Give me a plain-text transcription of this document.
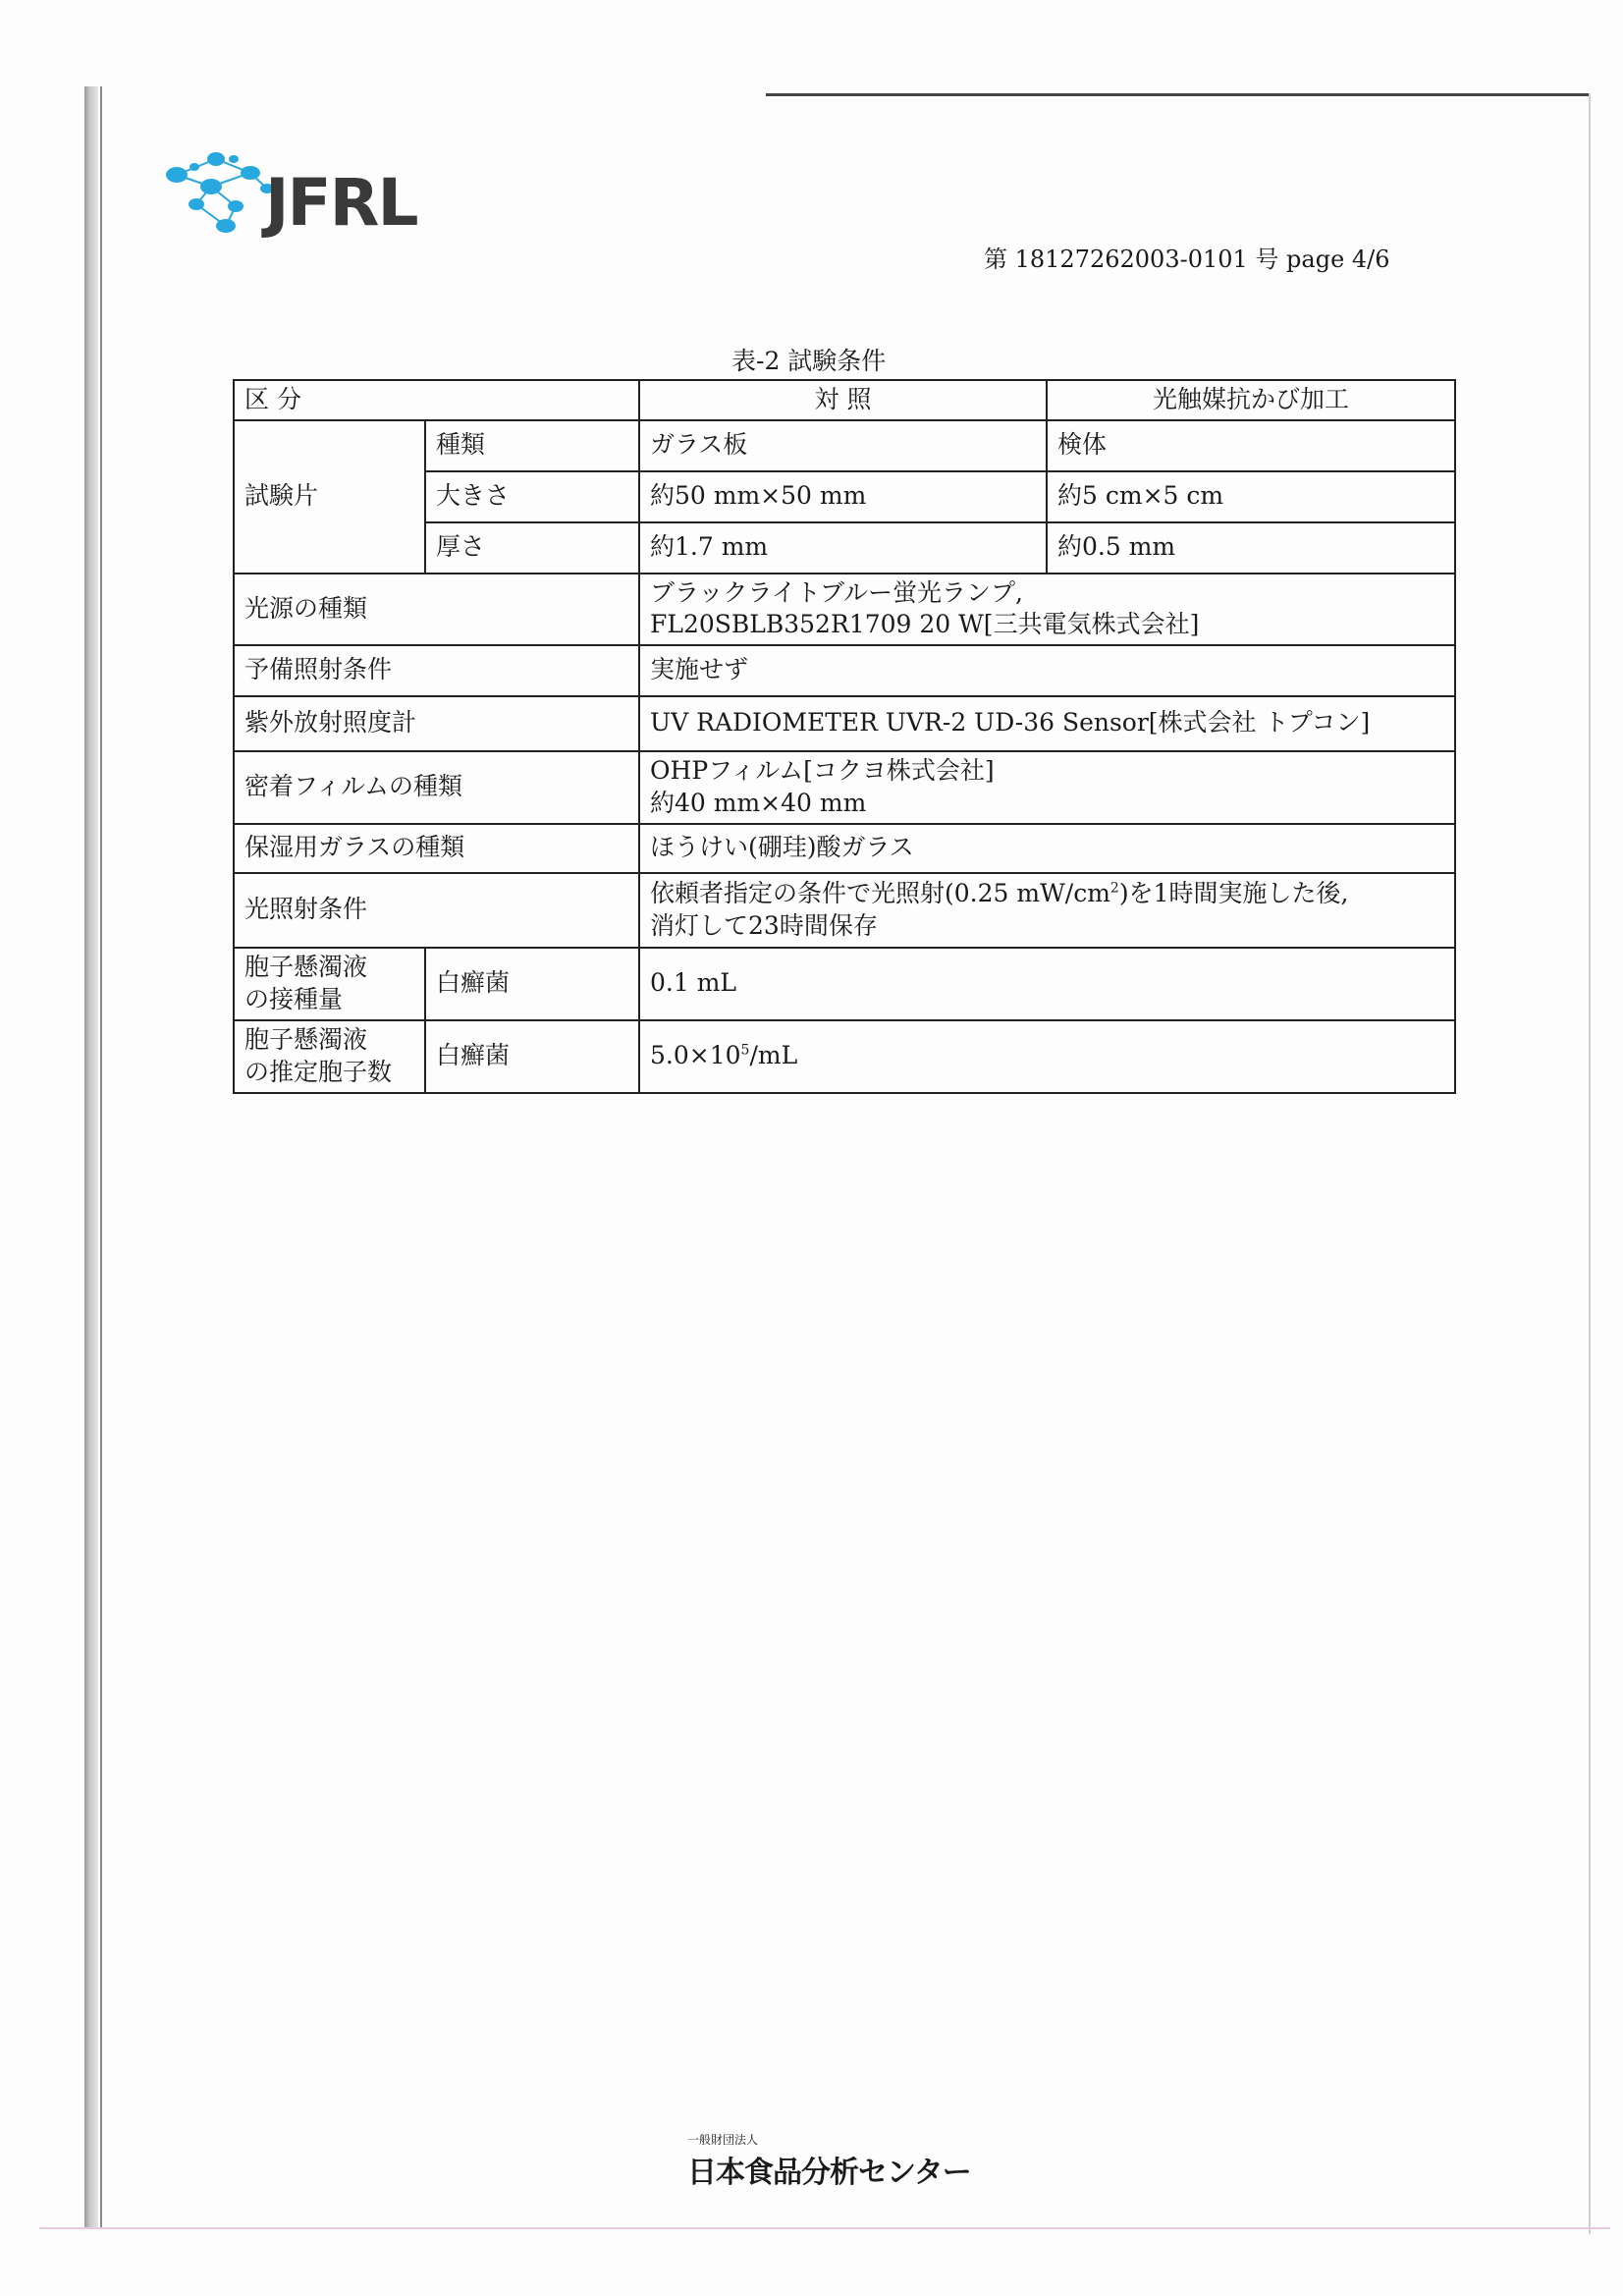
JFRL
第 18127262003-0101 号 page 4/6
表-2 試験条件
区 分		対 照	光触媒抗かび加工
試験片	種類	ガラス板	検体
	大きさ	約50 mm×50 mm	約5 cm×5 cm
	厚さ	約1.7 mm	約0.5 mm
光源の種類		ブラックライトブルー蛍光ランプ,
FL20SBLB352R1709 20 W[三共電気株式会社]	

予備照射条件		実施せず	
紫外放射照度計		UV RADIOMETER UVR-2 UD-36 Sensor[株式会社 トプコン]	
密着フィルムの種類		OHPフィルム[コクヨ株式会社]
約40 mm×40 mm	

保湿用ガラスの種類		ほうけい(硼珪)酸ガラス	
光照射条件		依頼者指定の条件で光照射(0.25 $mW/cm^2$)を1時間実施した後,
消灯して23時間保存	

胞子懸濁液
の接種量	白癬菌	0.1 mL	

胞子懸濁液
の推定胞子数	白癬菌	$5.0\times 10^5/mL$	
一般財団法人
日本食品分析センター
